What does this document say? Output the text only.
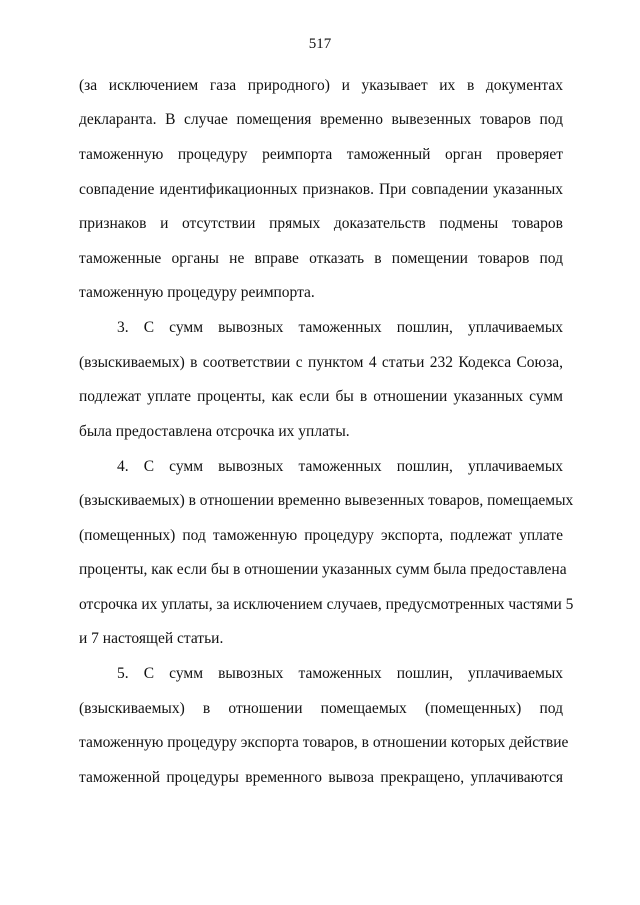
517
(за исключением газа природного) и указывает их в документах
декларанта. В случае помещения временно вывезенных товаров под
таможенную процедуру реимпорта таможенный орган проверяет
совпадение идентификационных признаков. При совпадении указанных
признаков и отсутствии прямых доказательств подмены товаров
таможенные органы не вправе отказать в помещении товаров под
таможенную процедуру реимпорта.
3. С сумм вывозных таможенных пошлин, уплачиваемых
(взыскиваемых) в соответствии с пунктом 4 статьи 232 Кодекса Союза,
подлежат уплате проценты, как если бы в отношении указанных сумм
была предоставлена отсрочка их уплаты.
4. С сумм вывозных таможенных пошлин, уплачиваемых
(взыскиваемых) в отношении временно вывезенных товаров, помещаемых
(помещенных) под таможенную процедуру экспорта, подлежат уплате
проценты, как если бы в отношении указанных сумм была предоставлена
отсрочка их уплаты, за исключением случаев, предусмотренных частями 5
и 7 настоящей статьи.
5. С сумм вывозных таможенных пошлин, уплачиваемых
(взыскиваемых) в отношении помещаемых (помещенных) под
таможенную процедуру экспорта товаров, в отношении которых действие
таможенной процедуры временного вывоза прекращено, уплачиваются
